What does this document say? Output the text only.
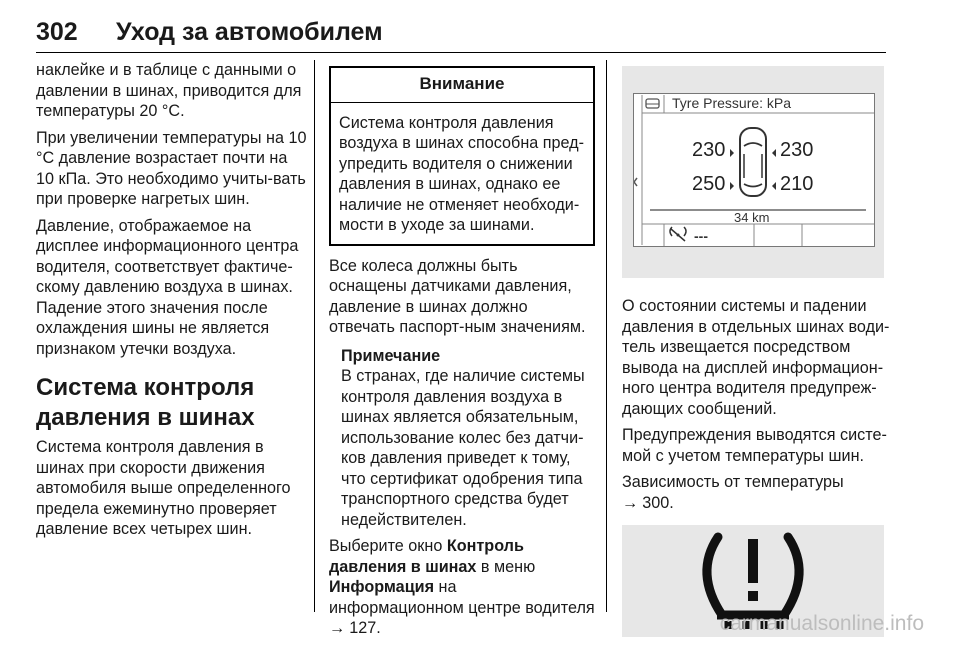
302 Уход за автомобилем

наклейке и в таблице с данными о давлении в шинах, приводится для температуры 20 °C.

При увеличении температуры на 10 °C давление возрастает почти на 10 кПа. Это необходимо учиты-вать при проверке нагретых шин.

Давление, отображаемое на дисплее информационного центра водителя, соответствует фактиче-скому давлению воздуха в шинах. Падение этого значения после охлаждения шины не является признаком утечки воздуха.

Система контроля давления в шинах

Система контроля давления в шинах при скорости движения автомобиля выше определенного предела ежеминутно проверяет давление всех четырех шин.

Внимание
Система контроля давления воздуха в шинах способна пред-упредить водителя о снижении давления в шинах, однако ее наличие не отменяет необходи-мости в уходе за шинами.

Все колеса должны быть оснащены датчиками давления, давление в шинах должно отвечать паспорт-ным значениям.

Примечание
В странах, где наличие системы контроля давления воздуха в шинах является обязательным, использование колес без датчи-ков давления приведет к тому, что сертификат одобрения типа транспортного средства будет недействителен.

Выберите окно Контроль давления в шинах в меню Информация на информационном центре водителя
→ 127.

Tyre Pressure: kPa
230	230
250	210
34 km
---

О состоянии системы и падении давления в отдельных шинах води-тель извещается посредством вывода на дисплей информацион-ного центра водителя предупреж-дающих сообщений.

Предупреждения выводятся систе-мой с учетом температуры шин.

Зависимость от температуры
→ 300.

carmanualsonline.info
